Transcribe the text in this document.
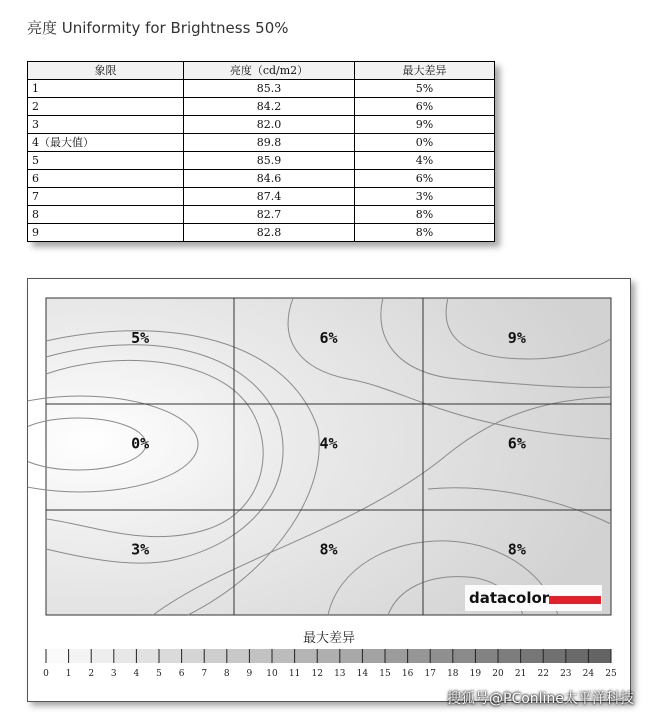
亮度 Uniformity for Brightness 50%
象限	亮度（cd/m2）	最大差异
1	85.3	5%
2	84.2	6%
3	82.0	9%
4（最大值）	89.8	0%
5	85.9	4%
6	84.6	6%
7	87.4	3%
8	82.7	8%
9	82.8	8%
5%	6%	9%
0%	4%	6%
3%	8%	8%
datacolor
最大差异
0 1 2 3 4 5 6 7 8 9 10 11 12 13 14 15 16 17 18 19 20 21 22 23 24 25
搜狐号@PConline太平洋科技
